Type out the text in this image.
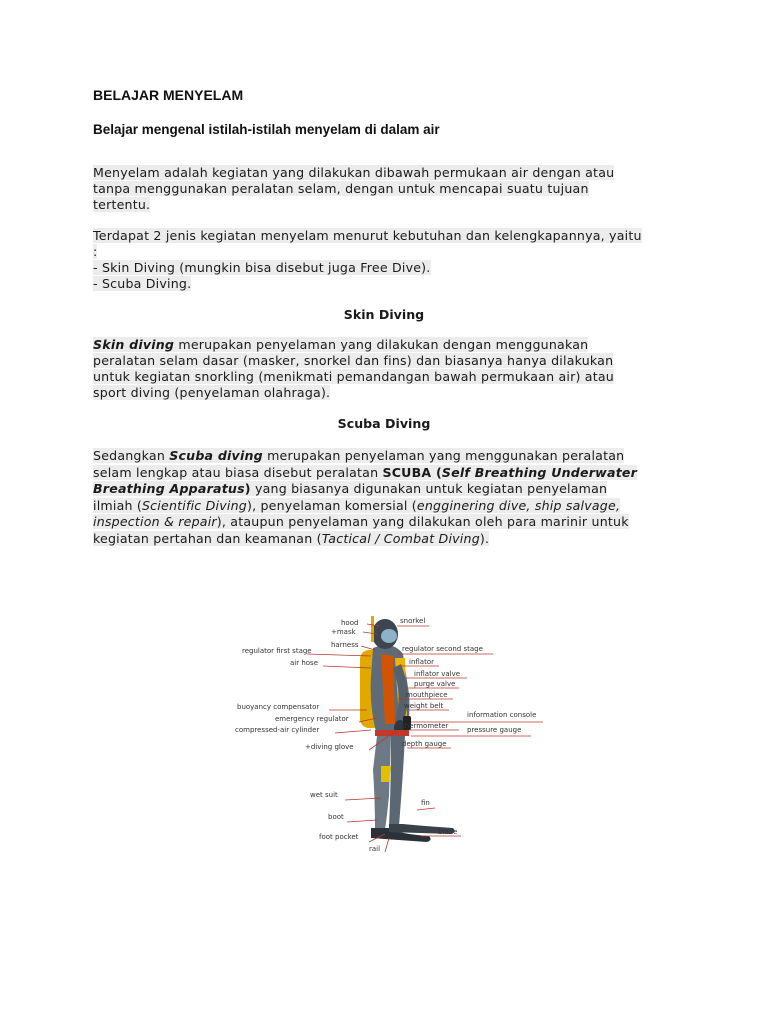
BELAJAR MENYELAM
Belajar mengenal istilah-istilah menyelam di dalam air
Menyelam adalah kegiatan yang dilakukan dibawah permukaan air dengan atau
tanpa menggunakan peralatan selam, dengan untuk mencapai suatu tujuan
tertentu.
Terdapat 2 jenis kegiatan menyelam menurut kebutuhan dan kelengkapannya, yaitu
:
- Skin Diving (mungkin bisa disebut juga Free Dive).
- Scuba Diving.
Skin Diving
Skin diving merupakan penyelaman yang dilakukan dengan menggunakan
peralatan selam dasar (masker, snorkel dan fins) dan biasanya hanya dilakukan
untuk kegiatan snorkling (menikmati pemandangan bawah permukaan air) atau
sport diving (penyelaman olahraga).
Scuba Diving
Sedangkan Scuba diving merupakan penyelaman yang menggunakan peralatan
selam lengkap atau biasa disebut peralatan SCUBA (Self Breathing Underwater
Breathing Apparatus) yang biasanya digunakan untuk kegiatan penyelaman
ilmiah (Scientific Diving), penyelaman komersial (engginering dive, ship salvage,
inspection & repair), ataupun penyelaman yang dilakukan oleh para marinir untuk
kegiatan pertahan dan keamanan (Tactical / Combat Diving).
hood
+mask
harness
regulator first stage
air hose
buoyancy compensator
emergency regulator
compressed-air cylinder
+diving glove
wet suit
boot
foot pocket
rail
snorkel
regulator second stage
inflator
inflator valve
purge valve
mouthpiece
weight belt
information console
thermometer	pressure gauge
depth gauge
fin
blade
